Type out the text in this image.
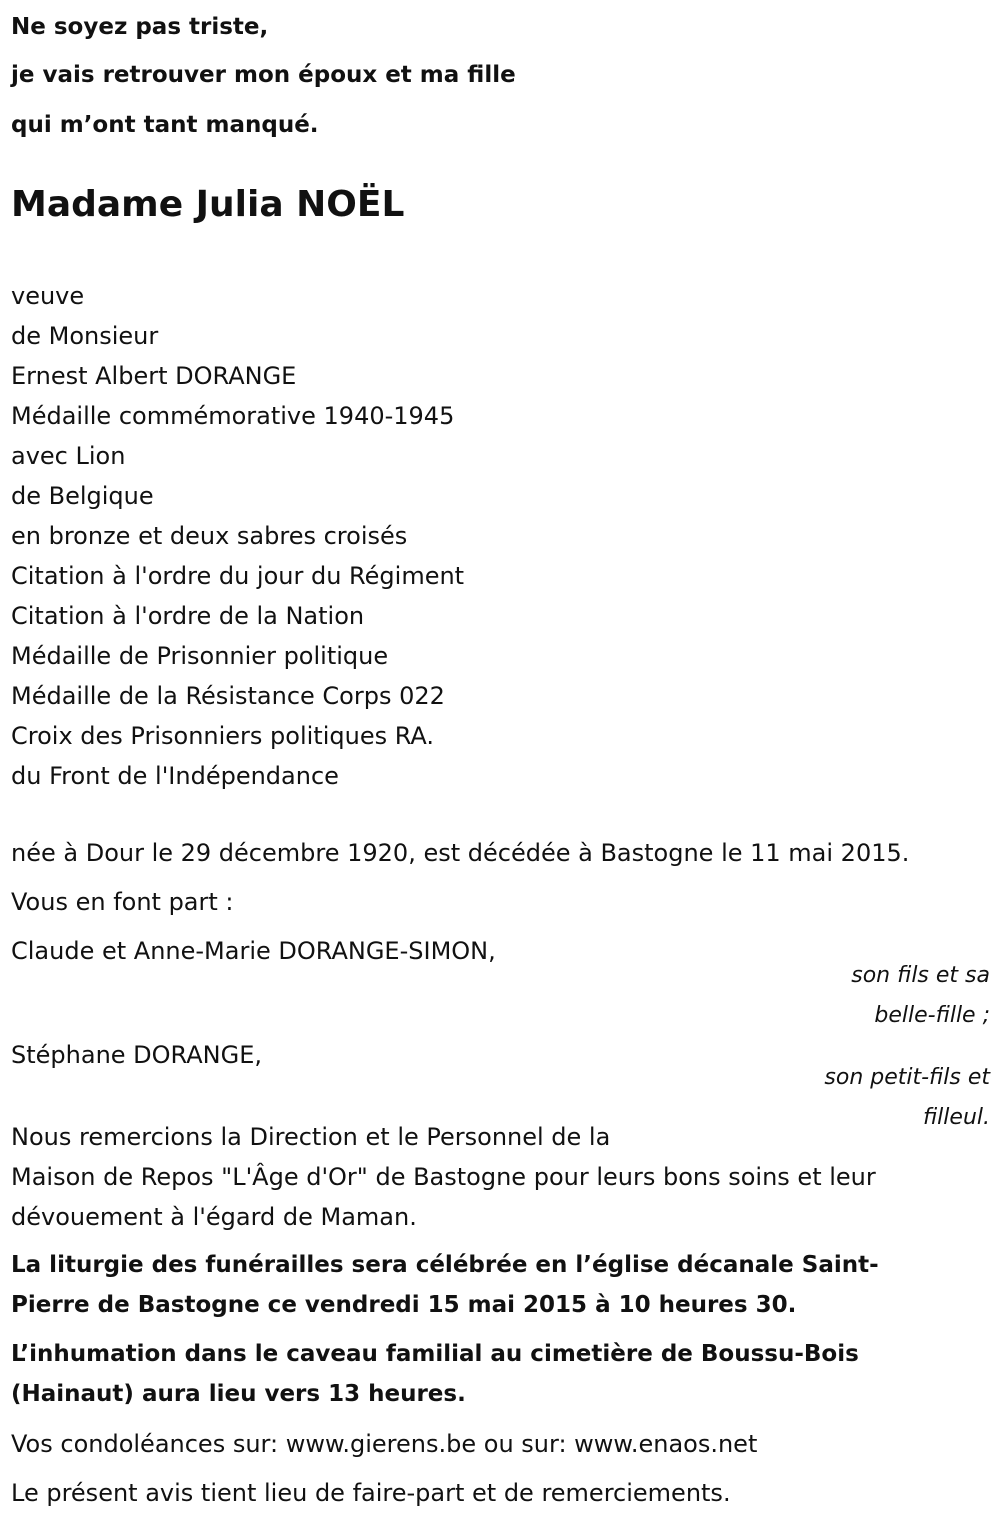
Ne soyez pas triste,
je vais retrouver mon époux et ma fille
qui m’ont tant manqué.
Madame Julia NOËL
veuve
de Monsieur
Ernest Albert DORANGE
Médaille commémorative 1940-1945
avec Lion
de Belgique
en bronze et deux sabres croisés
Citation à l'ordre du jour du Régiment
Citation à l'ordre de la Nation
Médaille de Prisonnier politique
Médaille de la Résistance Corps 022
Croix des Prisonniers politiques RA.
du Front de l'Indépendance
née à Dour le 29 décembre 1920, est décédée à Bastogne le 11 mai 2015.
Vous en font part :
Claude et Anne-Marie DORANGE-SIMON,
son fils et sa
belle-fille ;
Stéphane DORANGE,
son petit-fils et
filleul.
Nous remercions la Direction et le Personnel de la
Maison de Repos "L'Âge d'Or" de Bastogne pour leurs bons soins et leur
dévouement à l'égard de Maman.
La liturgie des funérailles sera célébrée en l’église décanale Saint-
Pierre de Bastogne ce vendredi 15 mai 2015 à 10 heures 30.
L’inhumation dans le caveau familial au cimetière de Boussu-Bois
(Hainaut) aura lieu vers 13 heures.
Vos condoléances sur: www.gierens.be ou sur: www.enaos.net
Le présent avis tient lieu de faire-part et de remerciements.
